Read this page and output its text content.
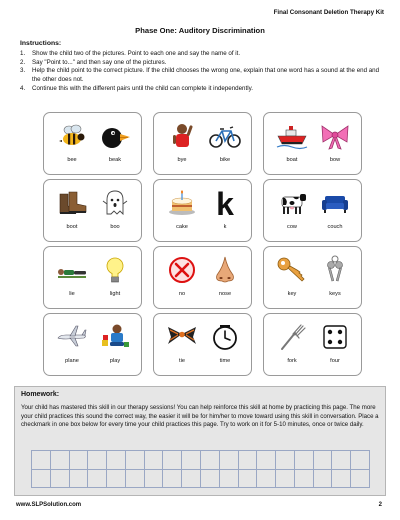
Final Consonant Deletion Therapy Kit
Phase One: Auditory Discrimination
Instructions:
1.	Show the child two of the pictures. Point to each one and say the name of it.
2.	Say "Point to..." and then say one of the pictures.
3.	Help the child point to the correct picture. If the child chooses the wrong one, explain that one word has a sound at the end and the other does not.
4.	Continue this with the different pairs until the child can complete it independently.
bee	beak	bye	bike	boat	bow
boot	boo
k
cake	k	cow	couch
lie	light	no	nose	key	keys
plane	play	tie	time	fork	four
Homework:
Your child has mastered this skill in our therapy sessions! You can help reinforce this skill at home by practicing this page. The more your child practices this sound the correct way, the easier it will be for him/her to move toward using this skill in conversation. Place a checkmark in one box below for every time your child practices this page. Try to work on it for 5-10 minutes, once or twice daily.
www.SLPSolution.com	2
